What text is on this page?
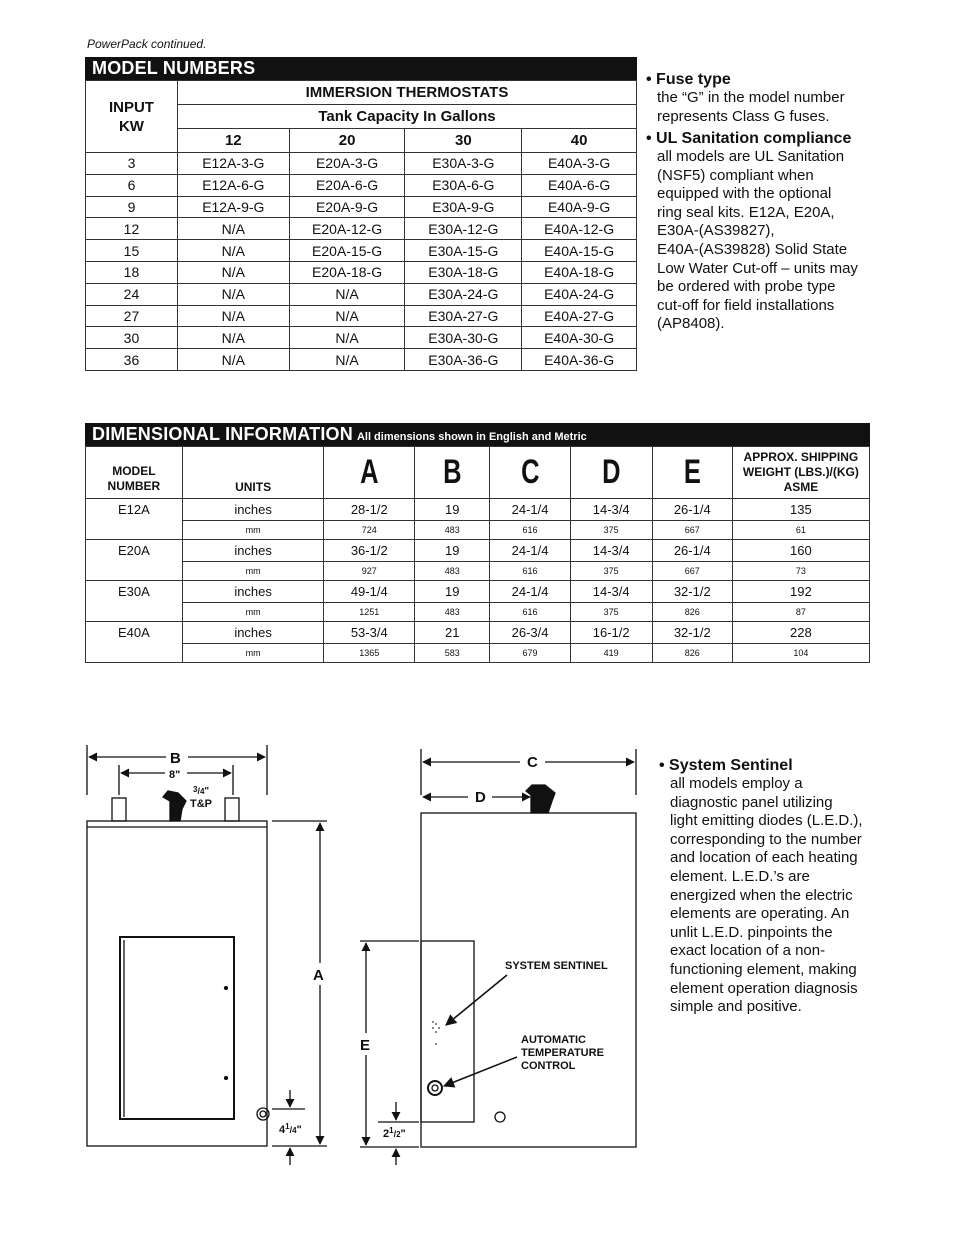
PowerPack continued.
MODEL NUMBERS
INPUT KW	IMMERSION THERMOSTATS			
	Tank Capacity In Gallons			
	12	20	30	40
3	E12A-3-G	E20A-3-G	E30A-3-G	E40A-3-G
6	E12A-6-G	E20A-6-G	E30A-6-G	E40A-6-G
9	E12A-9-G	E20A-9-G	E30A-9-G	E40A-9-G
12	N/A	E20A-12-G	E30A-12-G	E40A-12-G
15	N/A	E20A-15-G	E30A-15-G	E40A-15-G
18	N/A	E20A-18-G	E30A-18-G	E40A-18-G
24	N/A	N/A	E30A-24-G	E40A-24-G
27	N/A	N/A	E30A-27-G	E40A-27-G
30	N/A	N/A	E30A-30-G	E40A-30-G
36	N/A	N/A	E30A-36-G	E40A-36-G
• Fuse type
the “G” in the model number represents Class G fuses.
• UL Sanitation compliance
all models are UL Sanitation
(NSF5) compliant when
equipped with the optional
ring seal kits. E12A, E20A,
E30A-(AS39827),
E40A-(AS39828) Solid State
Low Water Cut-off – units may
be ordered with probe type
cut-off for field installations
(AP8408).
DIMENSIONAL INFORMATION All dimensions shown in English and Metric
MODEL NUMBER	UNITS	A	B	C	D	E	APPROX. SHIPPING WEIGHT (LBS.)/(KG) ASME
E12A	inches	28-1/2	19	24-1/4	14-3/4	26-1/4	135
	mm	724	483	616	375	667	61
E20A	inches	36-1/2	19	24-1/4	14-3/4	26-1/4	160
	mm	927	483	616	375	667	73
E30A	inches	49-1/4	19	24-1/4	14-3/4	32-1/2	192
	mm	1251	483	616	375	826	87
E40A	inches	53-3/4	21	26-3/4	16-1/2	32-1/2	228
	mm	1365	583	679	419	826	104
B
8"
$^3$/4"
T&P
A
$4^1_/4$"
C
D
E
$2^1_/2$"
SYSTEM SENTINEL
AUTOMATIC
TEMPERATURE
CONTROL
• System Sentinel
all models employ a
diagnostic panel utilizing
light emitting diodes (L.E.D.),
corresponding to the number
and location of each heating
element. L.E.D.’s are
energized when the electric
elements are operating. An
unlit L.E.D. pinpoints the
exact location of a non-
functioning element, making
element operation diagnosis
simple and positive.
